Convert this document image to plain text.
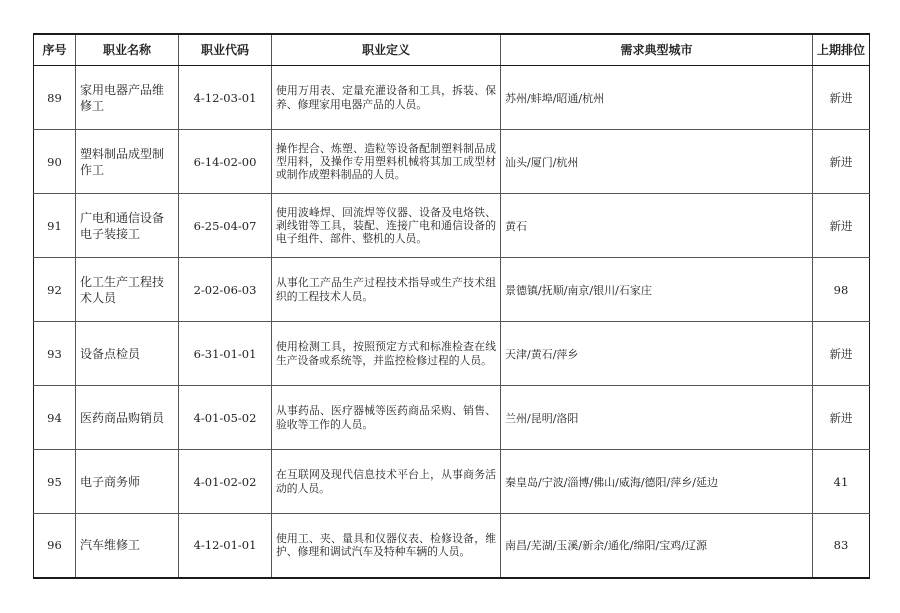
序号	职业名称	职业代码	职业定义	需求典型城市	上期排位
89	家用电器产品维修工	4-12-03-01	使用万用表、定量充灌设备和工具，拆装、保养、修理家用电器产品的人员。	苏州/蚌埠/昭通/杭州	新进
90	塑料制品成型制作工	6-14-02-00	操作捏合、炼塑、造粒等设备配制塑料制品成型用料，及操作专用塑料机械将其加工成型材或制作成塑料制品的人员。	汕头/厦门/杭州	新进
91	广电和通信设备电子装接工	6-25-04-07	使用波峰焊、回流焊等仪器、设备及电烙铁、剥线钳等工具，装配、连接广电和通信设备的电子组件、部件、整机的人员。	黄石	新进
92	化工生产工程技术人员	2-02-06-03	从事化工产品生产过程技术指导或生产技术组织的工程技术人员。	景德镇/抚顺/南京/银川/石家庄	98
93	设备点检员	6-31-01-01	使用检测工具，按照预定方式和标准检查在线生产设备或系统等，并监控检修过程的人员。	天津/黄石/萍乡	新进
94	医药商品购销员	4-01-05-02	从事药品、医疗器械等医药商品采购、销售、验收等工作的人员。	兰州/昆明/洛阳	新进
95	电子商务师	4-01-02-02	在互联网及现代信息技术平台上，从事商务活动的人员。	秦皇岛/宁波/淄博/佛山/威海/德阳/萍乡/延边	41
96	汽车维修工	4-12-01-01	使用工、夹、量具和仪器仪表、检修设备，维护、修理和调试汽车及特种车辆的人员。	南昌/芜湖/玉溪/新余/通化/绵阳/宝鸡/辽源	83
